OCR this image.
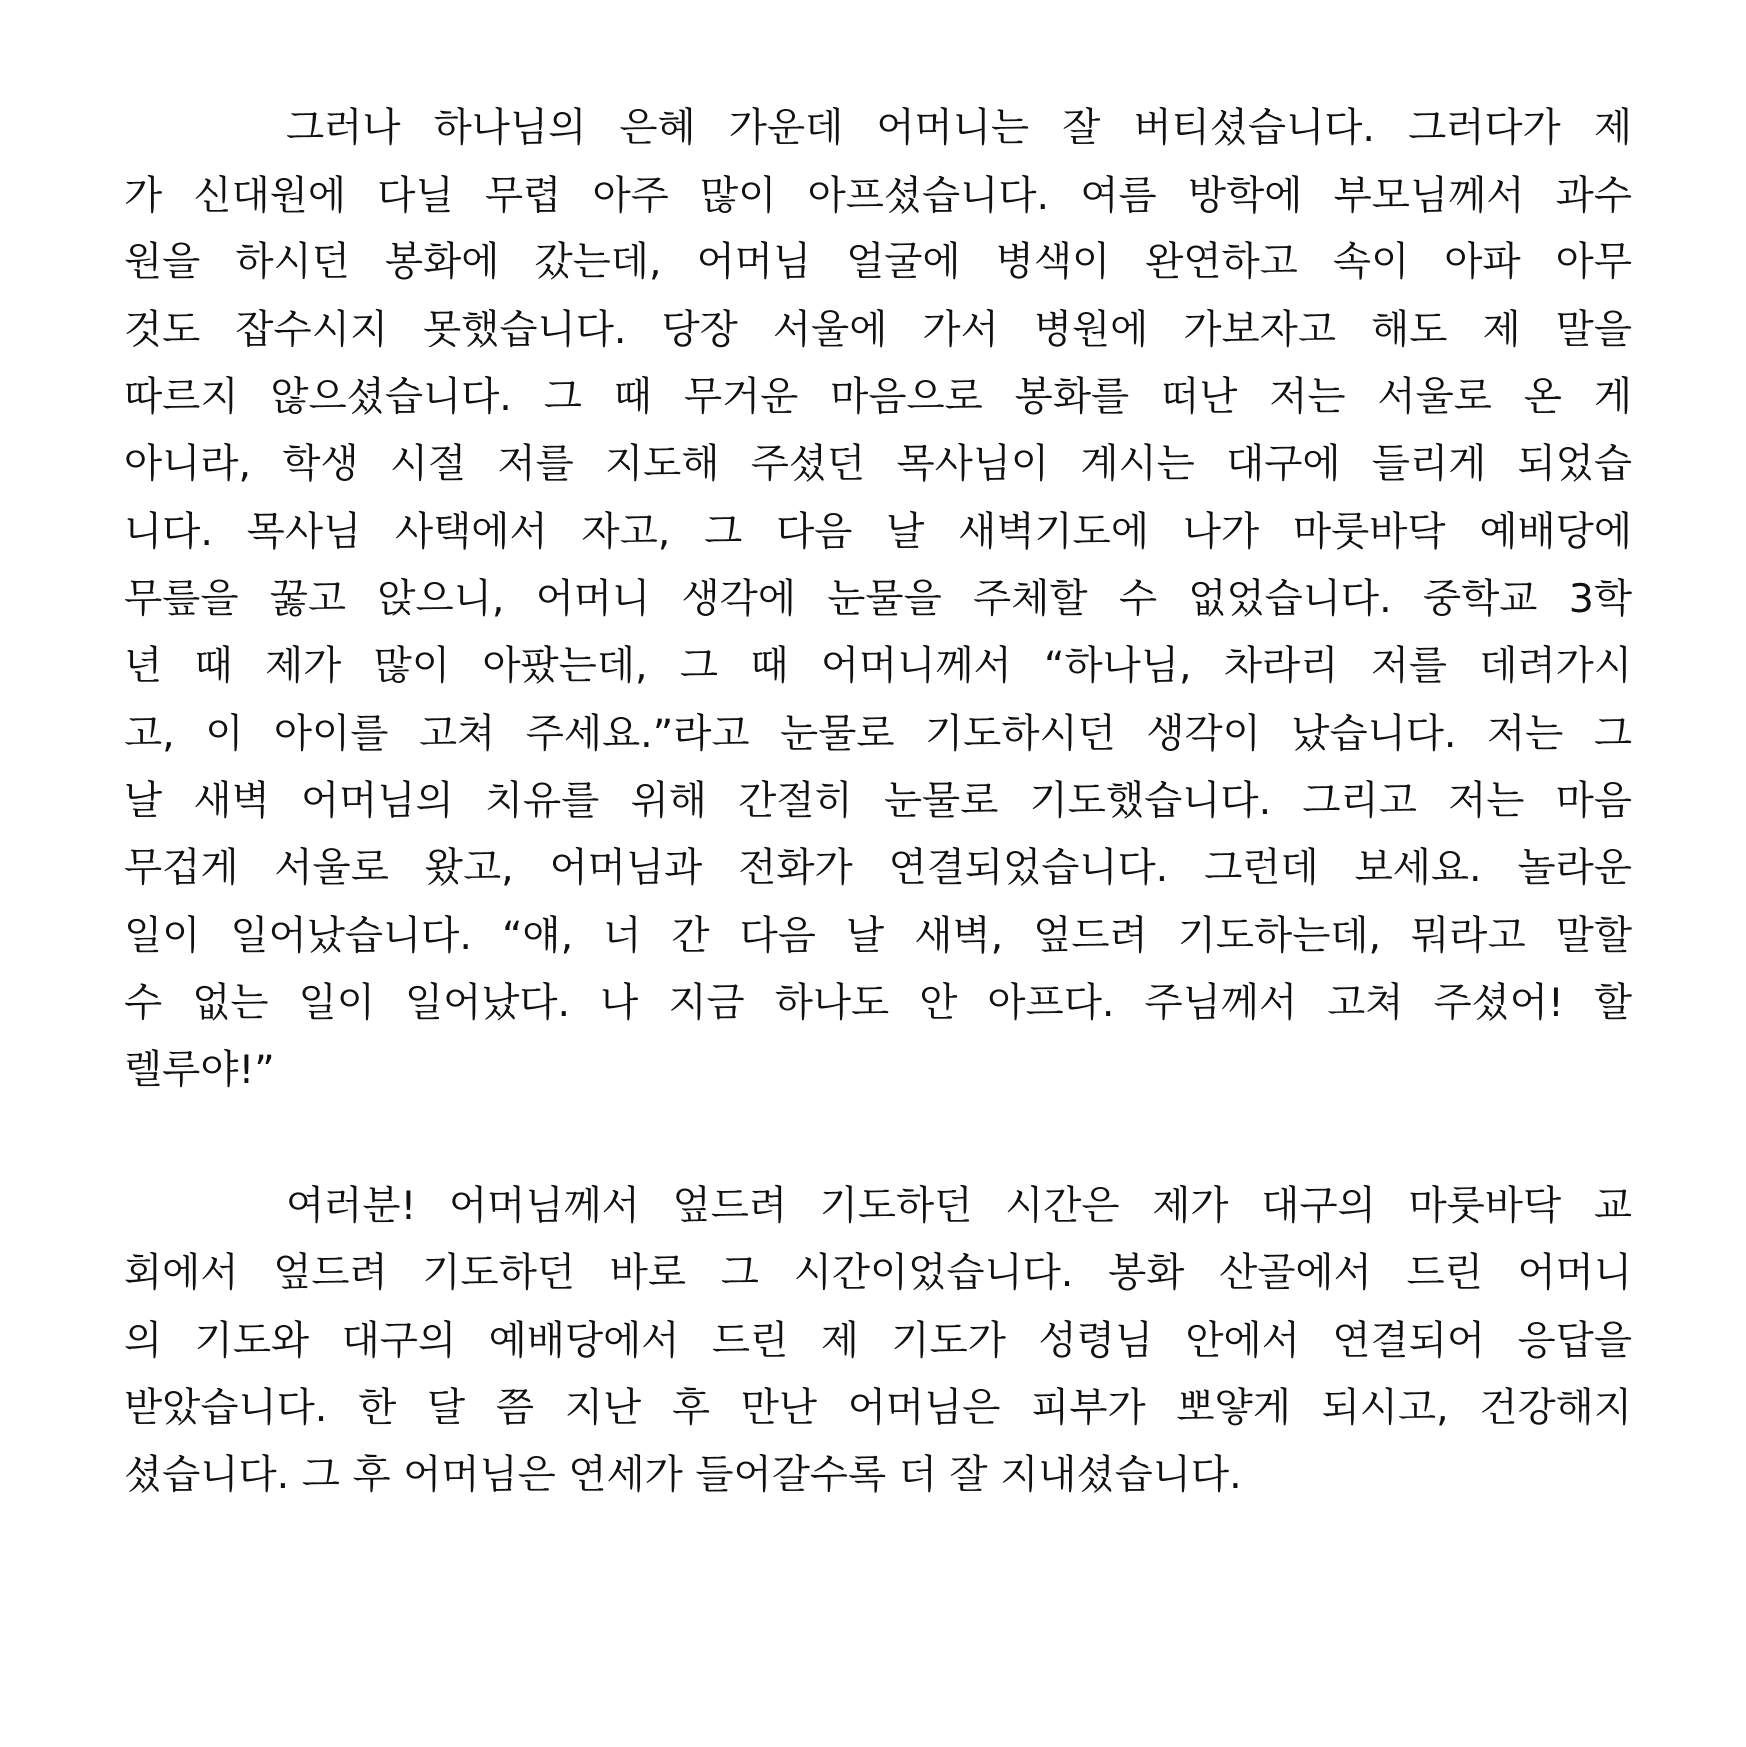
그러나 하나님의 은혜 가운데 어머니는 잘 버티셨습니다. 그러다가 제
가 신대원에 다닐 무렵 아주 많이 아프셨습니다. 여름 방학에 부모님께서 과수
원을 하시던 봉화에 갔는데, 어머님 얼굴에 병색이 완연하고 속이 아파 아무
것도 잡수시지 못했습니다. 당장 서울에 가서 병원에 가보자고 해도 제 말을
따르지 않으셨습니다. 그 때 무거운 마음으로 봉화를 떠난 저는 서울로 온 게
아니라, 학생 시절 저를 지도해 주셨던 목사님이 계시는 대구에 들리게 되었습
니다. 목사님 사택에서 자고, 그 다음 날 새벽기도에 나가 마룻바닥 예배당에
무릎을 꿇고 앉으니, 어머니 생각에 눈물을 주체할 수 없었습니다. 중학교 3학
년 때 제가 많이 아팠는데, 그 때 어머니께서 “하나님, 차라리 저를 데려가시
고, 이 아이를 고쳐 주세요.”라고 눈물로 기도하시던 생각이 났습니다. 저는 그
날 새벽 어머님의 치유를 위해 간절히 눈물로 기도했습니다. 그리고 저는 마음
무겁게 서울로 왔고, 어머님과 전화가 연결되었습니다. 그런데 보세요. 놀라운
일이 일어났습니다. “얘, 너 간 다음 날 새벽, 엎드려 기도하는데, 뭐라고 말할
수 없는 일이 일어났다. 나 지금 하나도 안 아프다. 주님께서 고쳐 주셨어! 할
렐루야!”
여러분! 어머님께서 엎드려 기도하던 시간은 제가 대구의 마룻바닥 교
회에서 엎드려 기도하던 바로 그 시간이었습니다. 봉화 산골에서 드린 어머니
의 기도와 대구의 예배당에서 드린 제 기도가 성령님 안에서 연결되어 응답을
받았습니다. 한 달 쯤 지난 후 만난 어머님은 피부가 뽀얗게 되시고, 건강해지
셨습니다. 그 후 어머님은 연세가 들어갈수록 더 잘 지내셨습니다.
